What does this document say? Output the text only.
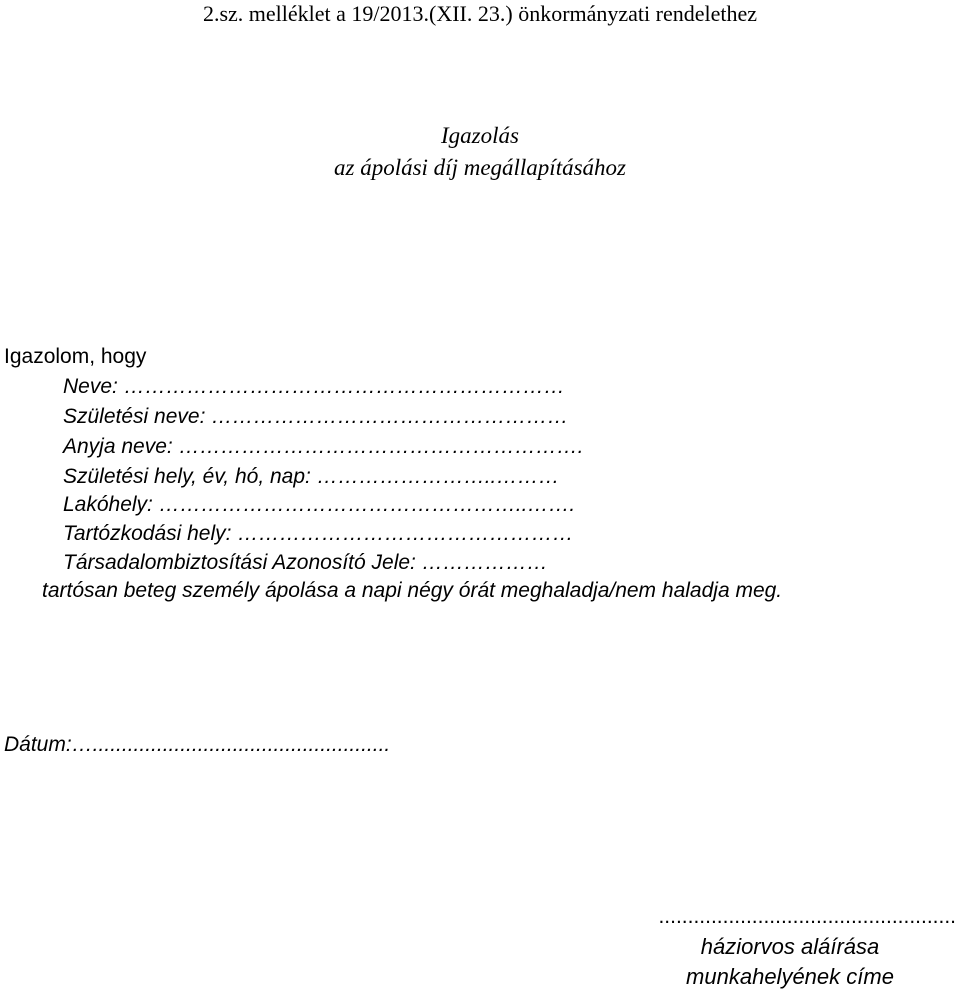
2.sz. melléklet a 19/2013.(XII. 23.) önkormányzati rendelethez

Igazolás

az ápolási díj megállapításához

Igazolom, hogy

Neve: ………………………………………………………

Születési neve: ……………………………………………

Anyja neve: ………………………………………………….

Születési hely, év, hó, nap: ……………………..………

Lakóhely: ……………………………………………..…….

Tartózkodási hely: …………………………………………

Társadalombiztosítási Azonosító Jele: ………………

tartósan beteg személy ápolása a napi négy órát meghaladja/nem haladja meg.

Dátum:…...................................................

...................................................
háziorvos aláírása
munkahelyének címe
